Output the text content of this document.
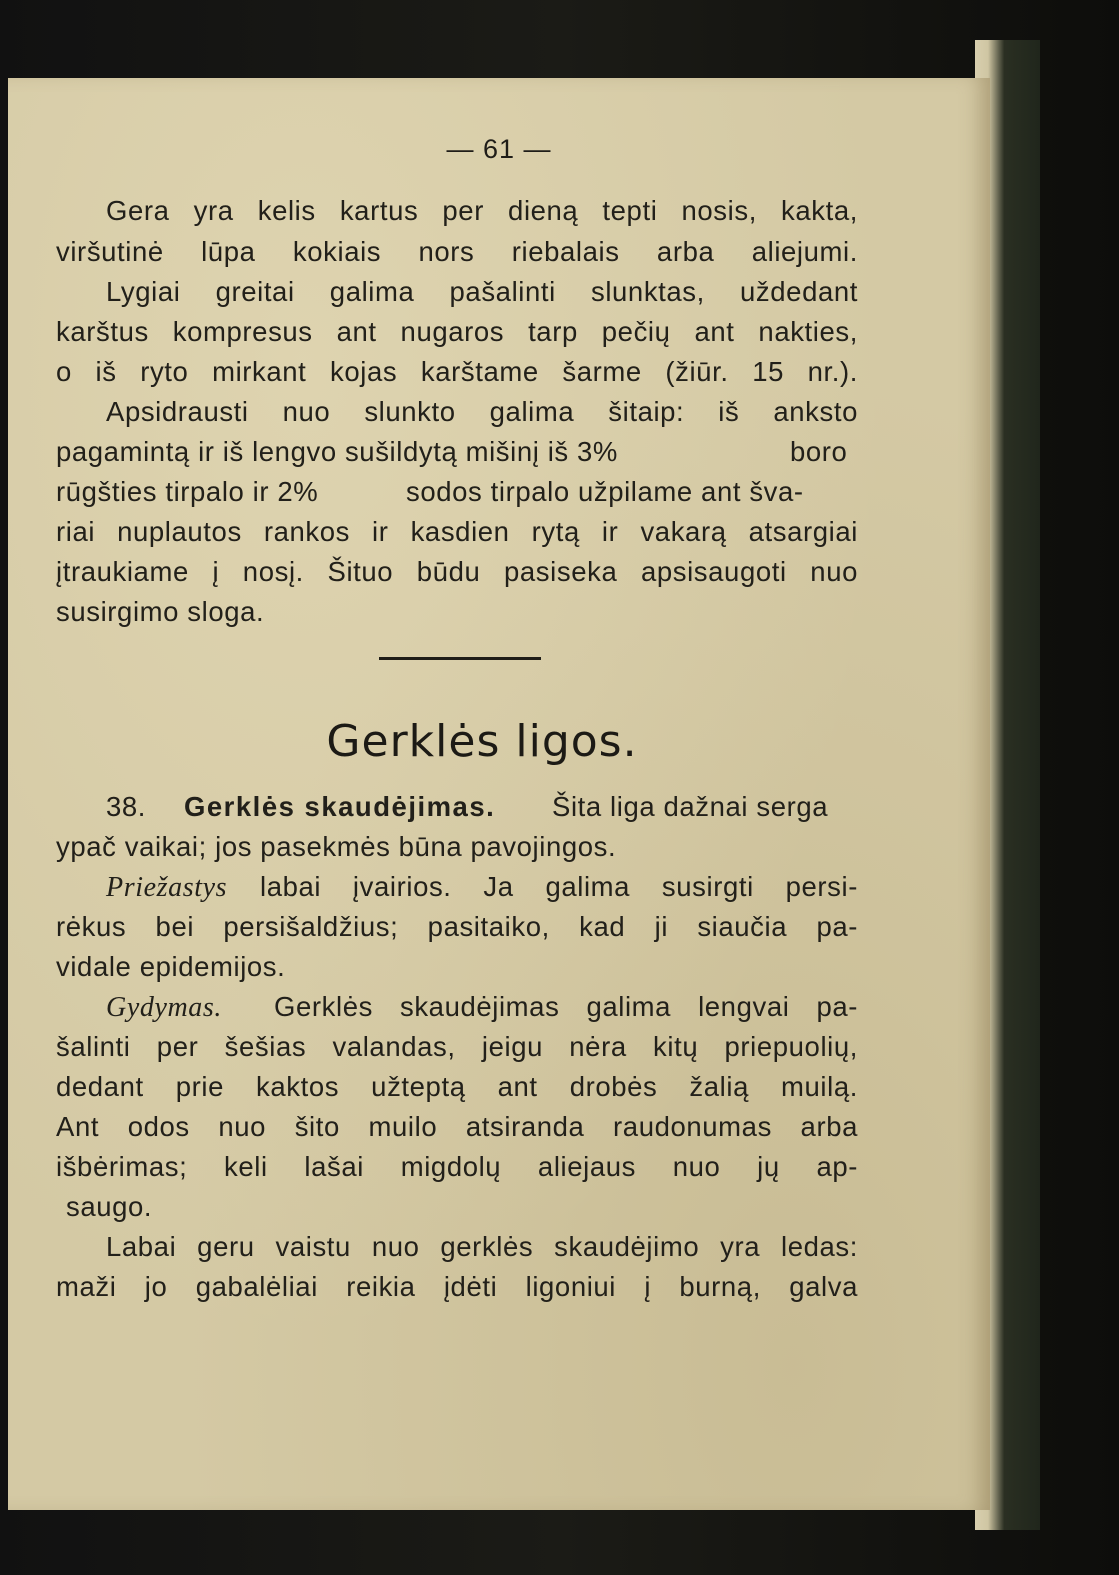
— 61 —
Gera yra kelis kartus per dieną tepti nosis, kakta,
viršutinė lūpa kokiais nors riebalais arba aliejumi.
Lygiai greitai galima pašalinti slunktas, uždedant
karštus kompresus ant nugaros tarp pečių ant nakties,
o iš ryto mirkant kojas karštame šarme (žiūr. 15 nr.).
Apsidrausti nuo slunkto galima šitaip: iš anksto
pagamintą ir iš lengvo sušildytą mišinį iš 3%	boro
rūgšties tirpalo ir 2%	sodos tirpalo užpilame ant šva-
riai nuplautos rankos ir kasdien rytą ir vakarą atsargiai
įtraukiame į nosį. Šituo būdu pasiseka apsisaugoti nuo
susirgimo sloga.
Gerklės ligos.
38. Gerklės skaudėjimas. Šita liga dažnai serga
ypač vaikai; jos pasekmės būna pavojingos.
Priežastys labai įvairios. Ja galima susirgti persi-
rėkus bei persišaldžius; pasitaiko, kad ji siaučia pa-
vidale epidemijos.
Gydymas. Gerklės skaudėjimas galima lengvai pa-
šalinti per šešias valandas, jeigu nėra kitų priepuolių,
dedant prie kaktos užteptą ant drobės žalią muilą.
Ant odos nuo šito muilo atsiranda raudonumas arba
išbėrimas; keli lašai migdolų aliejaus nuo jų ap-
saugo.
Labai geru vaistu nuo gerklės skaudėjimo yra ledas:
maži jo gabalėliai reikia įdėti ligoniui į burną, galva
